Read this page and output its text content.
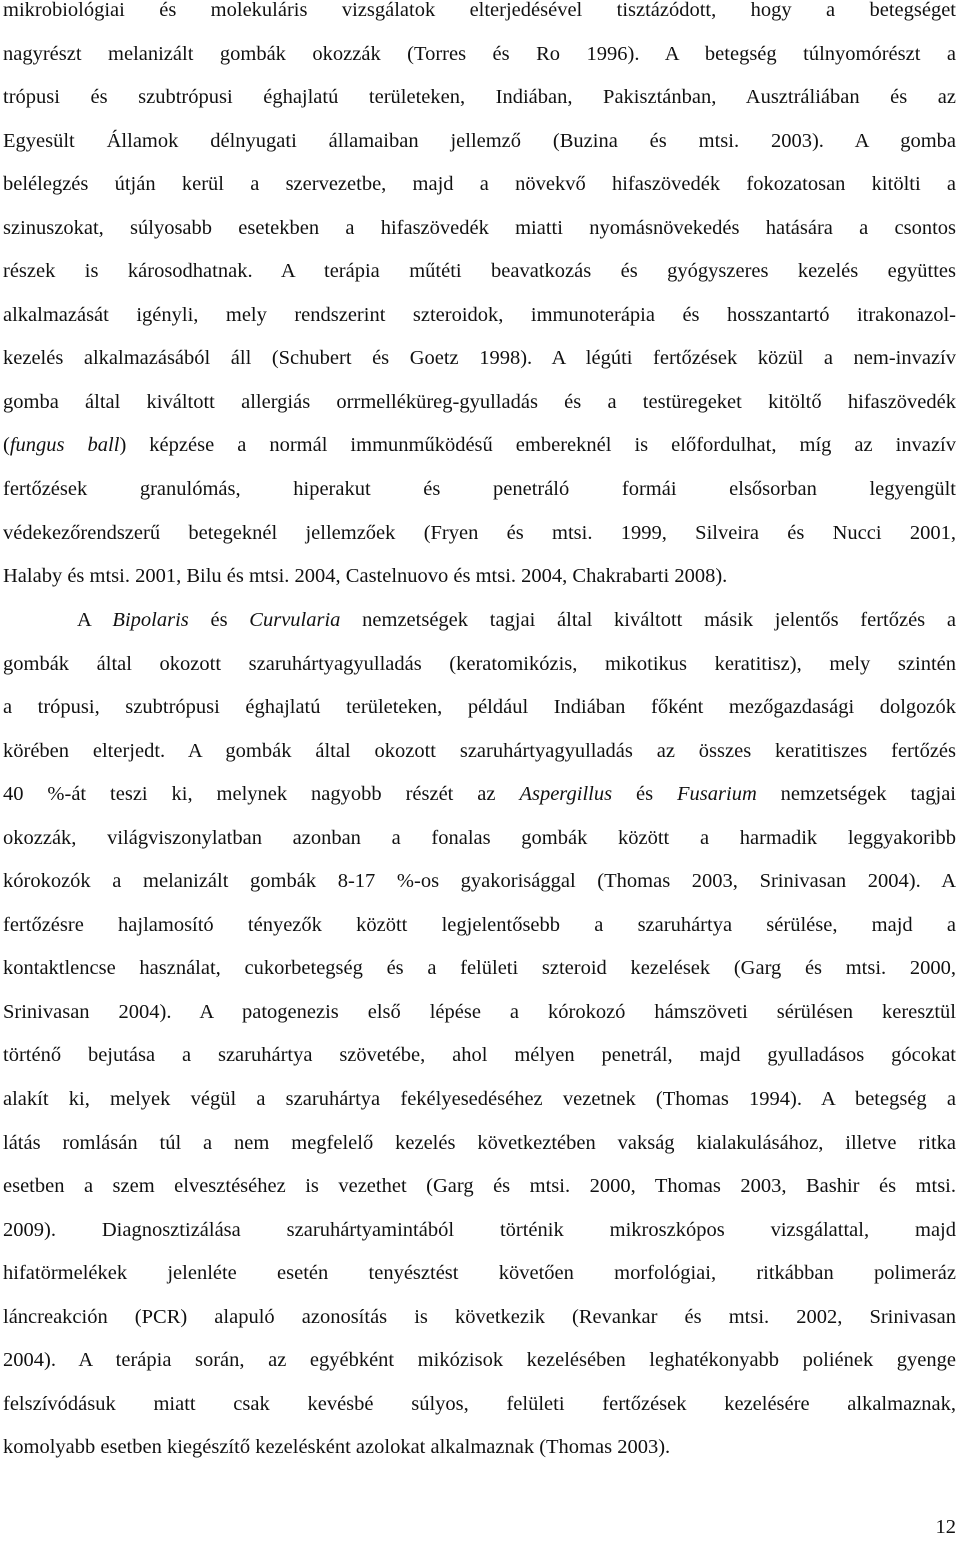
mikrobiológiai és molekuláris vizsgálatok elterjedésével tisztázódott, hogy a betegséget
nagyrészt melanizált gombák okozzák (Torres és Ro 1996). A betegség túlnyomórészt a
trópusi és szubtrópusi éghajlatú területeken, Indiában, Pakisztánban, Ausztráliában és az
Egyesült Államok délnyugati államaiban jellemző (Buzina és mtsi. 2003). A gomba
belélegzés útján kerül a szervezetbe, majd a növekvő hifaszövedék fokozatosan kitölti a
szinuszokat, súlyosabb esetekben a hifaszövedék miatti nyomásnövekedés hatására a csontos
részek is károsodhatnak. A terápia műtéti beavatkozás és gyógyszeres kezelés együttes
alkalmazását igényli, mely rendszerint szteroidok, immunoterápia és hosszantartó itrakonazol-
kezelés alkalmazásából áll (Schubert és Goetz 1998). A légúti fertőzések közül a nem-invazív
gomba által kiváltott allergiás orrmelléküreg-gyulladás és a testüregeket kitöltő hifaszövedék
(fungus ball) képzése a normál immunműködésű embereknél is előfordulhat, míg az invazív
fertőzések granulómás, hiperakut és penetráló formái elsősorban legyengült
védekezőrendszerű betegeknél jellemzőek (Fryen és mtsi. 1999, Silveira és Nucci 2001,
Halaby és mtsi. 2001, Bilu és mtsi. 2004, Castelnuovo és mtsi. 2004, Chakrabarti 2008).
A Bipolaris és Curvularia nemzetségek tagjai által kiváltott másik jelentős fertőzés a
gombák által okozott szaruhártyagyulladás (keratomikózis, mikotikus keratitisz), mely szintén
a trópusi, szubtrópusi éghajlatú területeken, például Indiában főként mezőgazdasági dolgozók
körében elterjedt. A gombák által okozott szaruhártyagyulladás az összes keratitiszes fertőzés
40 %-át teszi ki, melynek nagyobb részét az Aspergillus és Fusarium nemzetségek tagjai
okozzák, világviszonylatban azonban a fonalas gombák között a harmadik leggyakoribb
kórokozók a melanizált gombák 8-17 %-os gyakorisággal (Thomas 2003, Srinivasan 2004). A
fertőzésre hajlamosító tényezők között legjelentősebb a szaruhártya sérülése, majd a
kontaktlencse használat, cukorbetegség és a felületi szteroid kezelések (Garg és mtsi. 2000,
Srinivasan 2004). A patogenezis első lépése a kórokozó hámszöveti sérülésen keresztül
történő bejutása a szaruhártya szövetébe, ahol mélyen penetrál, majd gyulladásos gócokat
alakít ki, melyek végül a szaruhártya fekélyesedéséhez vezetnek (Thomas 1994). A betegség a
látás romlásán túl a nem megfelelő kezelés következtében vakság kialakulásához, illetve ritka
esetben a szem elvesztéséhez is vezethet (Garg és mtsi. 2000, Thomas 2003, Bashir és mtsi.
2009). Diagnosztizálása szaruhártyamintából történik mikroszkópos vizsgálattal, majd
hifatörmelékek jelenléte esetén tenyésztést követően morfológiai, ritkábban polimeráz
láncreakción (PCR) alapuló azonosítás is következik (Revankar és mtsi. 2002, Srinivasan
2004). A terápia során, az egyébként mikózisok kezelésében leghatékonyabb poliének gyenge
felszívódásuk miatt csak kevésbé súlyos, felületi fertőzések kezelésére alkalmaznak,
komolyabb esetben kiegészítő kezelésként azolokat alkalmaznak (Thomas 2003).
12
